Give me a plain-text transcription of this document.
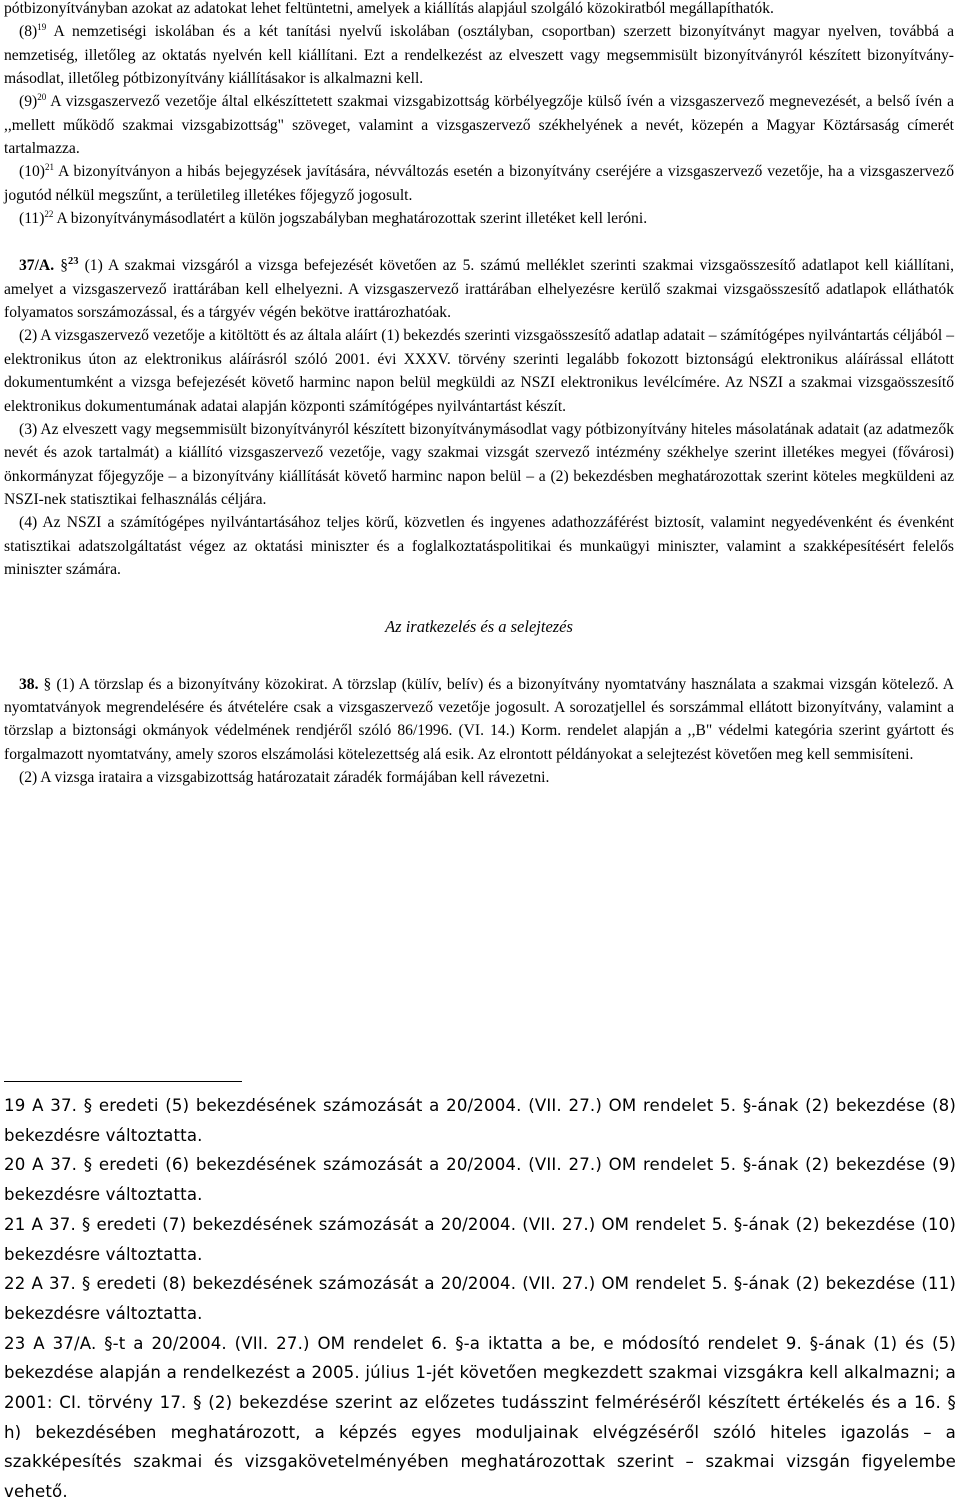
pótbizonyítványban azokat az adatokat lehet feltüntetni, amelyek a kiállítás alapjául szolgáló közokiratból megállapíthatók.

$(8)^{19}$ A nemzetiségi iskolában és a két tanítási nyelvű iskolában (osztályban, csoportban) szerzett bizonyítványt magyar nyelven, továbbá a nemzetiség, illetőleg az oktatás nyelvén kell kiállítani. Ezt a rendelkezést az elveszett vagy megsemmisült bizonyítványról készített bizonyítvány-másodlat, illetőleg pótbizonyítvány kiállításakor is alkalmazni kell.

$(9)^{20}$ A vizsgaszervező vezetője által elkészíttetett szakmai vizsgabizottság körbélyegzője külső ívén a vizsgaszervező megnevezését, a belső ívén a ,,mellett működő szakmai vizsgabizottság" szöveget, valamint a vizsgaszervező székhelyének a nevét, közepén a Magyar Köztársaság címerét tartalmazza.

$(10)^{21}$ A bizonyítványon a hibás bejegyzések javítására, névváltozás esetén a bizonyítvány cseréjére a vizsgaszervező vezetője, ha a vizsgaszervező jogutód nélkül megszűnt, a területileg illetékes főjegyző jogosult.

$(11)^{22}$ A bizonyítványmásodlatért a külön jogszabályban meghatározottak szerint illetéket kell leróni.

37/A. §$^{23}$ (1) A szakmai vizsgáról a vizsga befejezését követően az 5. számú melléklet szerinti szakmai vizsgaösszesítő adatlapot kell kiállítani, amelyet a vizsgaszervező irattárában kell elhelyezni. A vizsgaszervező irattárában elhelyezésre kerülő szakmai vizsgaösszesítő adatlapok elláthatók folyamatos sorszámozással, és a tárgyév végén bekötve irattározhatóak.

(2) A vizsgaszervező vezetője a kitöltött és az általa aláírt (1) bekezdés szerinti vizsgaösszesítő adatlap adatait – számítógépes nyilvántartás céljából – elektronikus úton az elektronikus aláírásról szóló 2001. évi XXXV. törvény szerinti legalább fokozott biztonságú elektronikus aláírással ellátott dokumentumként a vizsga befejezését követő harminc napon belül megküldi az NSZI elektronikus levélcímére. Az NSZI a szakmai vizsgaösszesítő elektronikus dokumentumának adatai alapján központi számítógépes nyilvántartást készít.

(3) Az elveszett vagy megsemmisült bizonyítványról készített bizonyítványmásodlat vagy pótbizonyítvány hiteles másolatának adatait (az adatmezők nevét és azok tartalmát) a kiállító vizsgaszervező vezetője, vagy szakmai vizsgát szervező intézmény székhelye szerint illetékes megyei (fővárosi) önkormányzat főjegyzője – a bizonyítvány kiállítását követő harminc napon belül – a (2) bekezdésben meghatározottak szerint köteles megküldeni az NSZI-nek statisztikai felhasználás céljára.

(4) Az NSZI a számítógépes nyilvántartásához teljes körű, közvetlen és ingyenes adathozzáférést biztosít, valamint negyedévenként és évenként statisztikai adatszolgáltatást végez az oktatási miniszter és a foglalkoztatáspolitikai és munkaügyi miniszter, valamint a szakképesítésért felelős miniszter számára.

Az iratkezelés és a selejtezés

38. § (1) A törzslap és a bizonyítvány közokirat. A törzslap (külív, belív) és a bizonyítvány nyomtatvány használata a szakmai vizsgán kötelező. A nyomtatványok megrendelésére és átvételére csak a vizsgaszervező vezetője jogosult. A sorozatjellel és sorszámmal ellátott bizonyítvány, valamint a törzslap a biztonsági okmányok védelmének rendjéről szóló 86/1996. (VI. 14.) Korm. rendelet alapján a ,,B" védelmi kategória szerint gyártott és forgalmazott nyomtatvány, amely szoros elszámolási kötelezettség alá esik. Az elrontott példányokat a selejtezést követően meg kell semmisíteni.

(2) A vizsga irataira a vizsgabizottság határozatait záradék formájában kell rávezetni.

19 A 37. § eredeti (5) bekezdésének számozását a 20/2004. (VII. 27.) OM rendelet 5. §-ának (2) bekezdése (8) bekezdésre változtatta.

20 A 37. § eredeti (6) bekezdésének számozását a 20/2004. (VII. 27.) OM rendelet 5. §-ának (2) bekezdése (9) bekezdésre változtatta.

21 A 37. § eredeti (7) bekezdésének számozását a 20/2004. (VII. 27.) OM rendelet 5. §-ának (2) bekezdése (10) bekezdésre változtatta.

22 A 37. § eredeti (8) bekezdésének számozását a 20/2004. (VII. 27.) OM rendelet 5. §-ának (2) bekezdése (11) bekezdésre változtatta.

23 A 37/A. §-t a 20/2004. (VII. 27.) OM rendelet 6. §-a iktatta a be, e módosító rendelet 9. §-ának (1) és (5) bekezdése alapján a rendelkezést a 2005. július 1-jét követően megkezdett szakmai vizsgákra kell alkalmazni; a 2001: CI. törvény 17. § (2) bekezdése szerint az előzetes tudásszint felméréséről készített értékelés és a 16. § h) bekezdésében meghatározott, a képzés egyes moduljainak elvégzéséről szóló hiteles igazolás – a szakképesítés szakmai és vizsgakövetelményében meghatározottak szerint – szakmai vizsgán figyelembe vehető.
